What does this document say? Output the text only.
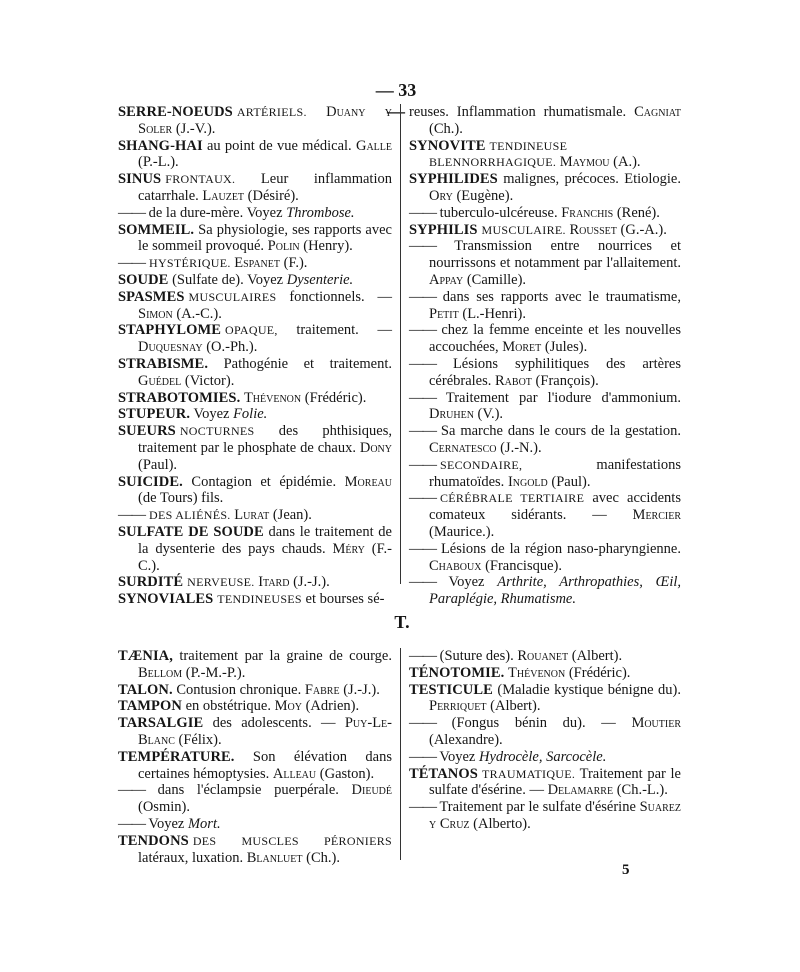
— 33 —
SERRE-NOEUDS ARTÉRIELS. Duany y Soler (J.-V.).
SHANG-HAI au point de vue médical. Galle (P.-L.).
SINUS FRONTAUX. Leur inflammation catarrhale. Lauzet (Désiré).
—— de la dure-mère. Voyez Thrombose.
SOMMEIL. Sa physiologie, ses rapports avec le sommeil provoqué. Polin (Henry).
—— HYSTÉRIQUE. Espanet (F.).
SOUDE (Sulfate de). Voyez Dysenterie.
SPASMES MUSCULAIRES fonctionnels. — Simon (A.-C.).
STAPHYLOME OPAQUE, traitement. — Duquesnay (O.-Ph.).
STRABISME. Pathogénie et traitement. Guédel (Victor).
STRABOTOMIES. Thévenon (Frédéric).
STUPEUR. Voyez Folie.
SUEURS NOCTURNES des phthisiques, traitement par le phosphate de chaux. Dony (Paul).
SUICIDE. Contagion et épidémie. Moreau (de Tours) fils.
—— DES ALIÉNÉS. Lurat (Jean).
SULFATE DE SOUDE dans le traitement de la dysenterie des pays chauds. Méry (F.-C.).
SURDITÉ NERVEUSE. Itard (J.-J.).
SYNOVIALES TENDINEUSES et bourses sé-
reuses. Inflammation rhumatismale. Cagniat (Ch.).
SYNOVITE TENDINEUSE BLENNORRHAGIQUE. Maymou (A.).
SYPHILIDES malignes, précoces. Etiologie. Ory (Eugène).
—— tuberculo-ulcéreuse. Franchis (René).
SYPHILIS MUSCULAIRE. Rousset (G.-A.).
—— Transmission entre nourrices et nourrissons et notamment par l'allaitement. Appay (Camille).
—— dans ses rapports avec le traumatisme, Petit (L.-Henri).
—— chez la femme enceinte et les nouvelles accouchées, Moret (Jules).
—— Lésions syphilitiques des artères cérébrales. Rabot (François).
—— Traitement par l'iodure d'ammonium. Druhen (V.).
—— Sa marche dans le cours de la gestation. Cernatesco (J.-N.).
—— SECONDAIRE, manifestations rhumatoïdes. Ingold (Paul).
—— CÉRÉBRALE TERTIAIRE avec accidents comateux sidérants. — Mercier (Maurice.).
—— Lésions de la région naso-pharyngienne. Chaboux (Francisque).
—— Voyez Arthrite, Arthropathies, Œil, Paraplégie, Rhumatisme.
T.
TÆNIA, traitement par la graine de courge. Bellom (P.-M.-P.).
TALON. Contusion chronique. Fabre (J.-J.).
TAMPON en obstétrique. Moy (Adrien).
TARSALGIE des adolescents. — Puy-Le-Blanc (Félix).
TEMPÉRATURE. Son élévation dans certaines hémoptysies. Alleau (Gaston).
—— dans l'éclampsie puerpérale. Dieudé (Osmin).
—— Voyez Mort.
TENDONS DES MUSCLES PÉRONIERS latéraux, luxation. Blanluet (Ch.).
—— (Suture des). Rouanet (Albert).
TÉNOTOMIE. Thévenon (Frédéric).
TESTICULE (Maladie kystique bénigne du). Perriquet (Albert).
—— (Fongus bénin du). — Moutier (Alexandre).
—— Voyez Hydrocèle, Sarcocèle.
TÉTANOS TRAUMATIQUE. Traitement par le sulfate d'ésérine. — Delamarre (Ch.-L.).
—— Traitement par le sulfate d'ésérine Suarez y Cruz (Alberto).
5
